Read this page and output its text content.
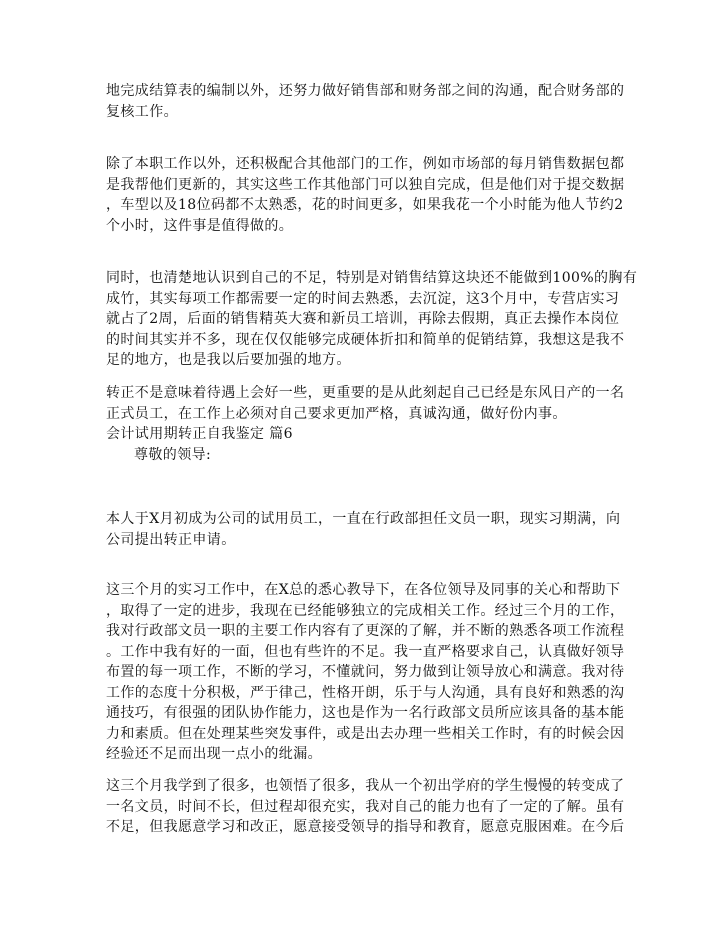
地完成结算表的编制以外，还努力做好销售部和财务部之间的沟通，配合财务部的
复核工作。

除了本职工作以外，还积极配合其他部门的工作，例如市场部的每月销售数据包都
是我帮他们更新的，其实这些工作其他部门可以独自完成，但是他们对于提交数据
，车型以及18位码都不太熟悉，花的时间更多，如果我花一个小时能为他人节约2
个小时，这件事是值得做的。

同时，也清楚地认识到自己的不足，特别是对销售结算这块还不能做到100%的胸有
成竹，其实每项工作都需要一定的时间去熟悉，去沉淀，这3个月中，专营店实习
就占了2周，后面的销售精英大赛和新员工培训，再除去假期，真正去操作本岗位
的时间其实并不多，现在仅仅能够完成硬体折扣和简单的促销结算，我想这是我不
足的地方，也是我以后要加强的地方。

转正不是意味着待遇上会好一些，更重要的是从此刻起自己已经是东风日产的一名
正式员工，在工作上必须对自己要求更加严格，真诚沟通，做好份内事。

会计试用期转正自我鉴定 篇6

尊敬的领导:

本人于X月初成为公司的试用员工，一直在行政部担任文员一职，现实习期满，向
公司提出转正申请。

这三个月的实习工作中，在X总的悉心教导下，在各位领导及同事的关心和帮助下
，取得了一定的进步，我现在已经能够独立的完成相关工作。经过三个月的工作，
我对行政部文员一职的主要工作内容有了更深的了解，并不断的熟悉各项工作流程
。工作中我有好的一面，但也有些许的不足。我一直严格要求自己，认真做好领导
布置的每一项工作，不断的学习，不懂就问，努力做到让领导放心和满意。我对待
工作的态度十分积极，严于律己，性格开朗，乐于与人沟通，具有良好和熟悉的沟
通技巧，有很强的团队协作能力，这也是作为一名行政部文员所应该具备的基本能
力和素质。但在处理某些突发事件，或是出去办理一些相关工作时，有的时候会因
经验还不足而出现一点小的纰漏。

这三个月我学到了很多，也领悟了很多，我从一个初出学府的学生慢慢的转变成了
一名文员，时间不长，但过程却很充实，我对自己的能力也有了一定的了解。虽有
不足，但我愿意学习和改正，愿意接受领导的指导和教育，愿意克服困难。在今后
